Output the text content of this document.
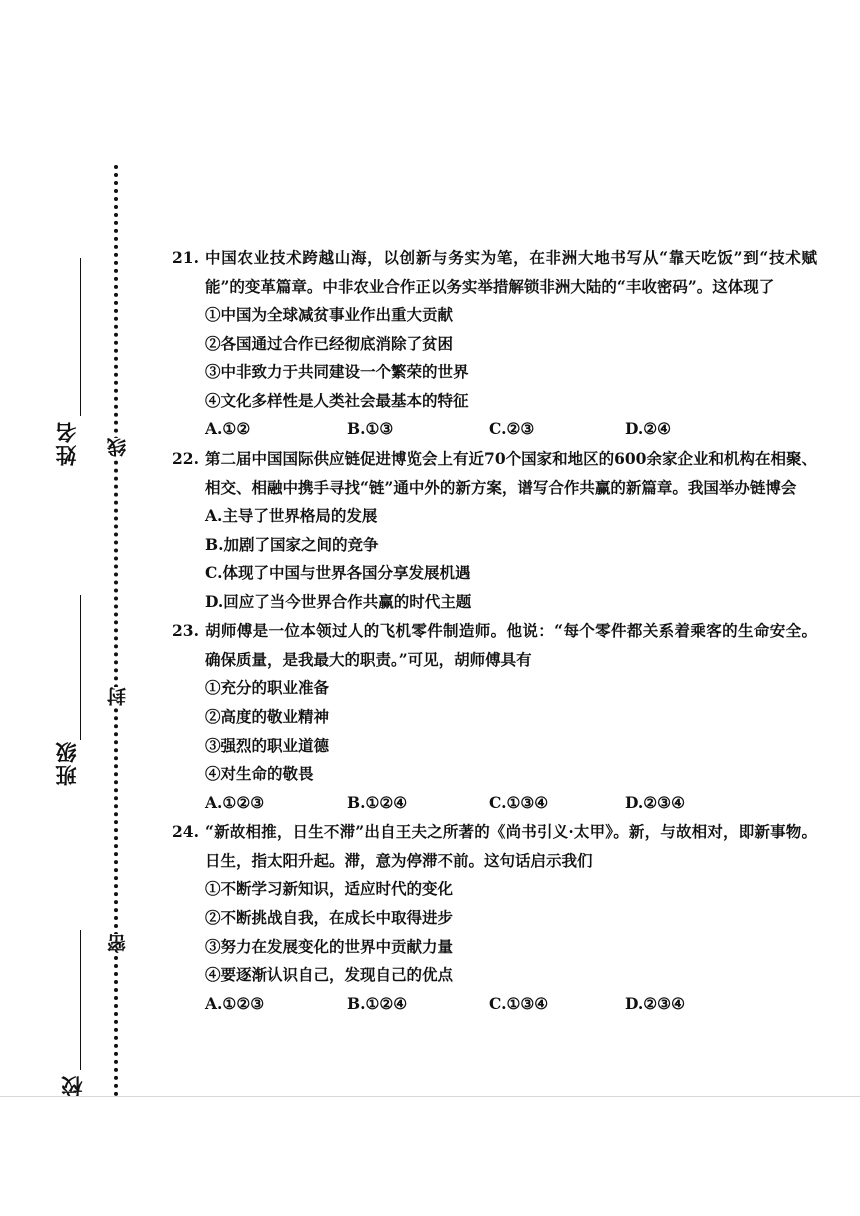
姓名
班级
校
线
封
密
21. 中国农业技术跨越山海，以创新与务实为笔，在非洲大地书写从“靠天吃饭”到“技术赋能”的变革篇章。中非农业合作正以务实举措解锁非洲大陆的“丰收密码”。这体现了
①中国为全球减贫事业作出重大贡献
②各国通过合作已经彻底消除了贫困
③中非致力于共同建设一个繁荣的世界
④文化多样性是人类社会最基本的特征
A.①②	B.①③	C.②③	D.②④
22. 第二届中国国际供应链促进博览会上有近70个国家和地区的600余家企业和机构在相聚、相交、相融中携手寻找“链”通中外的新方案，谱写合作共赢的新篇章。我国举办链博会
A.主导了世界格局的发展
B.加剧了国家之间的竞争
C.体现了中国与世界各国分享发展机遇
D.回应了当今世界合作共赢的时代主题
23. 胡师傅是一位本领过人的飞机零件制造师。他说：“每个零件都关系着乘客的生命安全。确保质量，是我最大的职责。”可见，胡师傅具有
①充分的职业准备
②高度的敬业精神
③强烈的职业道德
④对生命的敬畏
A.①②③	B.①②④	C.①③④	D.②③④
24. “新故相推，日生不滞”出自王夫之所著的《尚书引义·太甲》。新，与故相对，即新事物。日生，指太阳升起。滞，意为停滞不前。这句话启示我们
①不断学习新知识，适应时代的变化
②不断挑战自我，在成长中取得进步
③努力在发展变化的世界中贡献力量
④要逐渐认识自己，发现自己的优点
A.①②③	B.①②④	C.①③④	D.②③④
